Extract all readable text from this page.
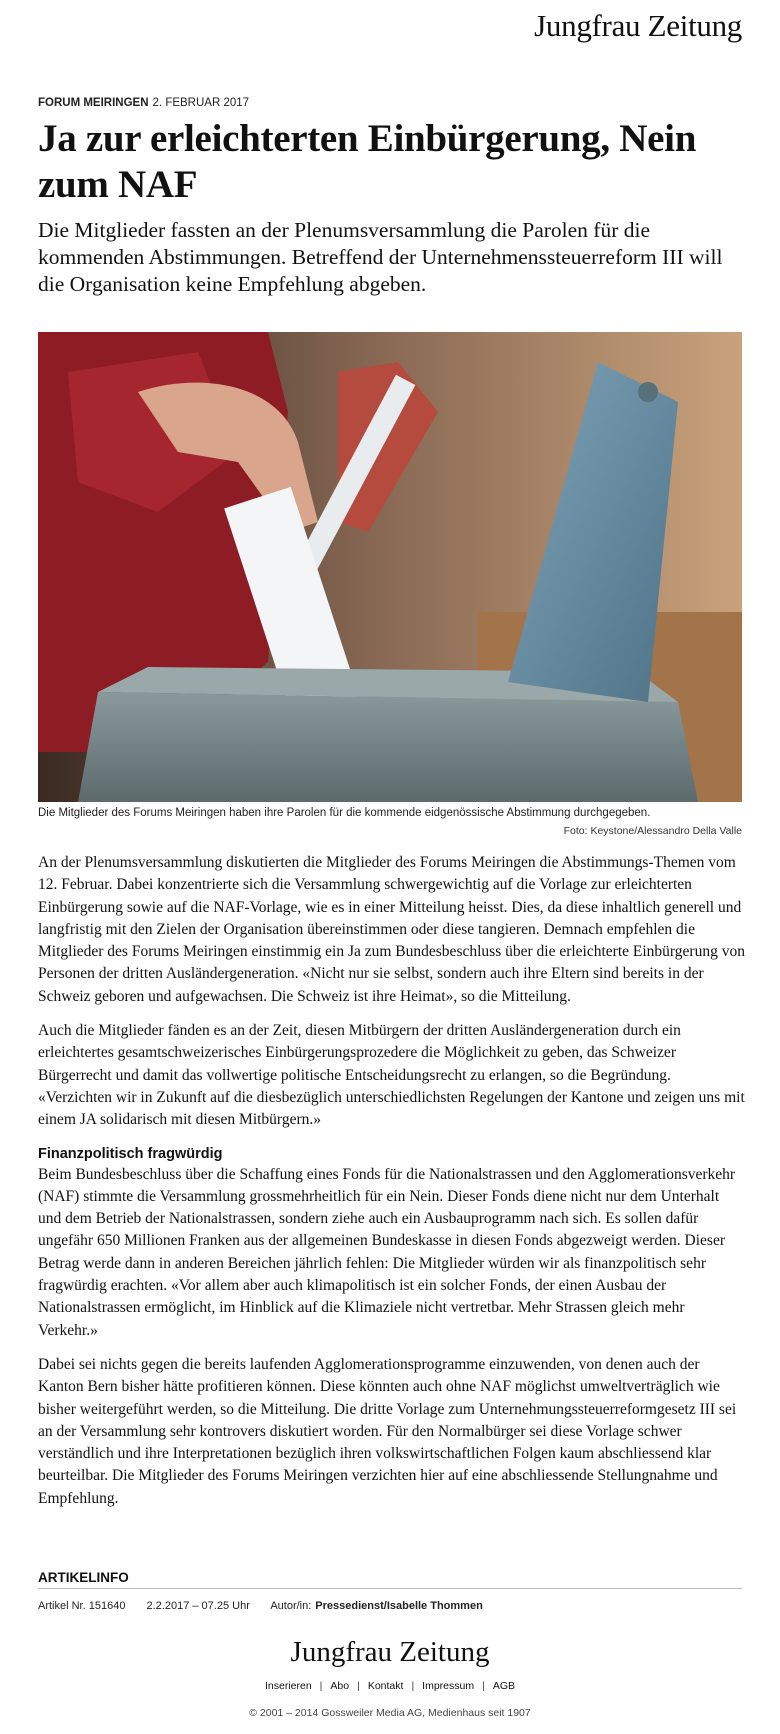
Jungfrau Zeitung
FORUM MEIRINGEN 2. FEBRUAR 2017
Ja zur erleichterten Einbürgerung, Nein zum NAF

Die Mitglieder fassten an der Plenumsversammlung die Parolen für die kommenden Abstimmungen. Betreffend der Unternehmenssteuerreform III will die Organisation keine Empfehlung abgeben.

Die Mitglieder des Forums Meiringen haben ihre Parolen für die kommende eidgenössische Abstimmung durchgegeben.
Foto: Keystone/Alessandro Della Valle

An der Plenumsversammlung diskutierten die Mitglieder des Forums Meiringen die Abstimmungs-Themen vom 12. Februar. Dabei konzentrierte sich die Versammlung schwergewichtig auf die Vorlage zur erleichterten Einbürgerung sowie auf die NAF-Vorlage, wie es in einer Mitteilung heisst. Dies, da diese inhaltlich generell und langfristig mit den Zielen der Organisation übereinstimmen oder diese tangieren. Demnach empfehlen die Mitglieder des Forums Meiringen einstimmig ein Ja zum Bundesbeschluss über die erleichterte Einbürgerung von Personen der dritten Ausländergeneration. «Nicht nur sie selbst, sondern auch ihre Eltern sind bereits in der Schweiz geboren und aufgewachsen. Die Schweiz ist ihre Heimat», so die Mitteilung.

Auch die Mitglieder fänden es an der Zeit, diesen Mitbürgern der dritten Ausländergeneration durch ein erleichtertes gesamtschweizerisches Einbürgerungsprozedere die Möglichkeit zu geben, das Schweizer Bürgerrecht und damit das vollwertige politische Entscheidungsrecht zu erlangen, so die Begründung. «Verzichten wir in Zukunft auf die diesbezüglich unterschiedlichsten Regelungen der Kantone und zeigen uns mit einem JA solidarisch mit diesen Mitbürgern.»

Finanzpolitisch fragwürdig

Beim Bundesbeschluss über die Schaffung eines Fonds für die Nationalstrassen und den Agglomerationsverkehr (NAF) stimmte die Versammlung grossmehrheitlich für ein Nein. Dieser Fonds diene nicht nur dem Unterhalt und dem Betrieb der Nationalstrassen, sondern ziehe auch ein Ausbauprogramm nach sich. Es sollen dafür ungefähr 650 Millionen Franken aus der allgemeinen Bundeskasse in diesen Fonds abgezweigt werden. Dieser Betrag werde dann in anderen Bereichen jährlich fehlen: Die Mitglieder würden wir als finanzpolitisch sehr fragwürdig erachten. «Vor allem aber auch klimapolitisch ist ein solcher Fonds, der einen Ausbau der Nationalstrassen ermöglicht, im Hinblick auf die Klimaziele nicht vertretbar. Mehr Strassen gleich mehr Verkehr.»

Dabei sei nichts gegen die bereits laufenden Agglomerationsprogramme einzuwenden, von denen auch der Kanton Bern bisher hätte profitieren können. Diese könnten auch ohne NAF möglichst umweltverträglich wie bisher weitergeführt werden, so die Mitteilung. Die dritte Vorlage zum Unternehmungssteuerreformgesetz III sei an der Versammlung sehr kontrovers diskutiert worden. Für den Normalbürger sei diese Vorlage schwer verständlich und ihre Interpretationen bezüglich ihren volkswirtschaftlichen Folgen kaum abschliessend klar beurteilbar. Die Mitglieder des Forums Meiringen verzichten hier auf eine abschliessende Stellungnahme und Empfehlung.

ARTIKELINFO
Artikel Nr. 151640 2.2.2017 – 07.25 Uhr Autor/in: Pressedienst/Isabelle Thommen
Jungfrau Zeitung
Inserieren | Abo | Kontakt | Impressum | AGB
© 2001 – 2014 Gossweiler Media AG, Medienhaus seit 1907
